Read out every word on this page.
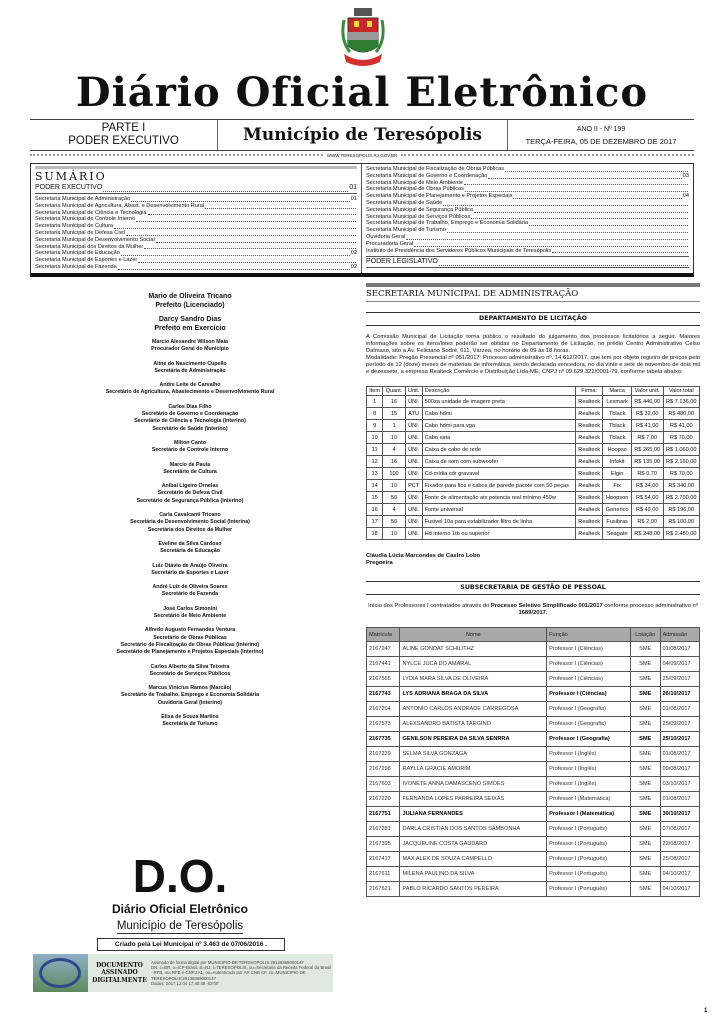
Diário Oficial Eletrônico
PARTE I
PODER EXECUTIVO	Município de Teresópolis	ANO II - Nº 199
TERÇA-FEIRA, 05 DE DEZEMBRO DE 2017
WWW.TERESOPOLIS.RJ.GOV.BR
SUMÁRIO
PODER EXECUTIVO	01
Secretaria Municipal de Administração	01
Secretaria Municipal de Agricultura, Abast. e Desenvolvimento Rural
Secretaria Municipal de Ciência e Tecnologia
Secretaria Municipal de Controle Interno
Secretaria Municipal de Cultura
Secretaria Municipal de Defesa Civil
Secretaria Municipal de Desenvolvimento Social
Secretaria Municipal dos Direitos da Mulher
Secretaria Municipal de Educação	02
Secretaria Municipal de Esportes e Lazer
Secretaria Municipal de Fazenda	02
Secretaria Municipal de Fiscalização de Obras Públicas
Secretaria Municipal de Governo e Coordenação	03
Secretaria Municipal de Meio Ambiente
Secretaria Municipal de Obras Públicas
Secretaria Municipal de Planejamento e Projetos Especiais	04
Secretaria Municipal de Saúde
Secretaria Municipal de Segurança Pública
Secretaria Municipal de Serviços Públicos
Secretaria Municipal de Trabalho, Emprego e Economia Solidária
Secretaria Municipal de Turismo
Ouvidoria Geral
Procuradoria Geral
Instituto de Previdência dos Servidores Públicos Municipais de Teresópolis
PODER LEGISLATIVO
Mario de Oliveira Tricano
Prefeito (Licenciado)
Darcy Sandro Dias
Prefeito em Exercício
Marcio Alexandre Wilson Maia
Procurador Geral do Município
Aline do Nascimento Cupello
Secretária de Administração
Andre Leite de Carvalho
Secretário de Agricultura, Abastecimento e Desenvolvimento Rural
Carlos Dias Filho
Secretário de Governo e Coordenação
Secretário de Ciência e Tecnologia (Interino)
Secretário de Saúde (Interino)
Milton Canto
Secretário de Controle Interno
Marcio de Paula
Secretário de Cultura
Anibal Ligeiro Ornelas
Secretário de Defesa Civil
Secretário de Segurança Pública (Interino)
Carla Cavalcanti Tricano
Secretária de Desenvolvimento Social (Interina)
Secretária dos Direitos da Mulher
Eveline da Silva Cardoso
Secretária de Educação
Luiz Otávio de Araújo Oliveira
Secretário de Esportes e Lazer
André Luiz de Oliveira Soares
Secretário de Fazenda
José Carlos Simonini
Secretário de Meio Ambiente
Alfredo Augusto Fernandes Ventura
Secretário de Obras Públicas
Secretário de Fiscalização de Obras Públicas (Interino)
Secretário de Planejamento e Projetos Especiais (Interino)
Carlos Alberto da Silva Teixeira
Secretário de Serviços Públicos
Marcus Vinicius Ramos (Marcão)
Secretário de Trabalho, Emprego e Economia Solidária
Ouvidoria Geral (Interino)
Elisa de Souza Martins
Secretária de Turismo
D.O.
Diário Oficial Eletrônico
Município de Teresópolis
Criado pela Lei Municipal nº 3.463 de 07/06/2016 .
DOCUMENTO
ASSINADO
DIGITALMENTE
Assinado de forma digital por MUNICIPIO DE TERESOPOLIS:29138369000147
DN: c=BR, o=ICP-Brasil, st=RJ, l=TERESOPOLIS, ou=Secretaria da Receita Federal do Brasil - RFB, ou=RFB e-CNPJ A1, ou=Autenticado por AR CNB CF, cn=MUNICIPIO DE TERESOPOLIS:29138369000147
Dados: 2017.12.04 17:40:38 -02'00'
SECRETARIA MUNICIPAL DE ADMINISTRAÇÃO
DEPARTAMENTO DE LICITAÇÃO

A Comissão Municipal de Licitação torna público o resultado do julgamento dos processos licitatórios a seguir. Maiores informações sobre os itens/lotes poderão ser obtidas no Departamento de Licitação, no prédio Centro Administrativo Celso Dalmaso, sito a Av. Feliciano Sodré, 611, Várzea, no horário de 09 às 18 horas.

Modalidade: Pregão Presencial nº 051/2017: Processo administrativo nº. 14.612/2017, que tem por objeto registro de preços pelo período de 12 (doze) meses de materiais de informática, sendo declarada vencedora, no dia vinte e sete de novembro de dois mil e dezessete, a empresa Realteck Comércio e Distribuição Ltda-ME, CNPJ nº 09.629.322/0001-79, conforme tabela abaixo:

Item	Quant.	Unit.	Descrição	Firma:	Marca	Valor unit.	Valor total
1	16	UNI.	500za unidade de imagem preta	Realteck	Lexmark	R$ 446,00	R$ 7.136,00
8	15	ATU	Cabo hdmi	Realteck	Tblack	R$ 32,00	R$ 480,00
9	1	UNI.	Cabo hdmi para vga	Realteck	Tblack	R$ 41,00	R$ 41,00
10	10	UNI.	Cabo sata	Realteck	Tblack	R$ 7,00	R$ 70,00
11	4	UNI.	Caixa de cabo de rede	Realteck	Hoopso	R$ 265,00	R$ 1.060,00
12	16	UNI.	Caixa de som com subwoofer	Realteck	Infokit	R$ 135,00	R$ 2.160,00
13	100	UNI.	Cd-mídia cdr gravavel	Realteck	Elgin	R$ 0,70	R$ 70,00
14	10	PCT	Fixador para fios e cabos de parede pacote com 50 peças	Realteck	Fix	R$ 34,00	R$ 340,00
15	50	UNI.	Fonte de alimentação atx potencia real mínimo 450w	Realteck	Hoopson	R$ 54,00	R$ 2.700,00
16	4	UNI.	Fonte universal	Realteck	Generico	R$ 49,00	R$ 196,00
17	50	UNI.	Fusivel 10a para estabilizador filtro de linha	Realteck	Fusibras	R$ 2,00	R$ 100,00
18	10	UNI.	Hd interno 1tb ou superior	Realteck	Seagate	R$ 248,00	R$ 2.480,00
Cláudia Lúcia Marcondes de Castro Lobo
Pregoeira
SUBSECRETARIA DE GESTÃO DE PESSOAL

Início dos Professores I contratados através do Processo Seletivo Simplificado 001/2017 conforme processo administrativo nº 1689/2017.

Matrícula	Nome	Função	Lotação	Admissão
2167247	ALINE GONDAT SCHILITHZ	Professor I (Ciências)	SME	01/08/2017
2167441	NYLCE JUCA DO AMARAL	Professor I (Ciências)	SME	04/09/2017
2167565	LYDIA MARA SILVA DE OLIVEIRA	Professor I (Ciências)	SME	25/09/2017
2167743	LYS ADRIANA BRAGA DA SILVA	Professor I (Ciências)	SME	26/10/2017
2167204	ANTONIO CARLOS ANDRADE CARREGOSA	Professor I (Geografia)	SME	01/08/2017
2167573	ALEXSANDRO BATISTA TARGINO	Professor I (Geografia)	SME	25/09/2017
2167735	GENILSON PEREIRA DA SILVA SENRRA	Professor I (Geografia)	SME	25/10/2017
2167239	SELMA SILVA GONZAGA	Professor I (Inglês)	SME	01/08/2017
2167298	RAYLLA GRACIE AMORIM	Professor I (Inglês)	SME	09/08/2017
2167603	IVONETE ANNA DAMASCENO SIMOES	Professor I (Inglês)	SME	03/10/2017
2167220	FERNANDA LOPES PARREIRA SEIXAS	Professor I (Matemática)	SME	01/08/2017
2167751	JULIANA FERNANDES	Professor I (Matemática)	SME	30/10/2017
2167281	DARLA CRISTIAN DOS SANTOS SAMBONHA	Professor I (Português)	SME	07/08/2017
2167395	JACQUELINE COSTA GAUDARD	Professor I (Português)	SME	22/08/2017
2167417	MAX ALEX DE SOUZA CAMPELLO	Professor I (Português)	SME	25/08/2017
2167611	MILENA PAULINO DA SILVA	Professor I (Português)	SME	04/10/2017
2167621	PABLO RICARDO SANTOS PEREIRA	Professor I (Português)	SME	04/10/2017
1
